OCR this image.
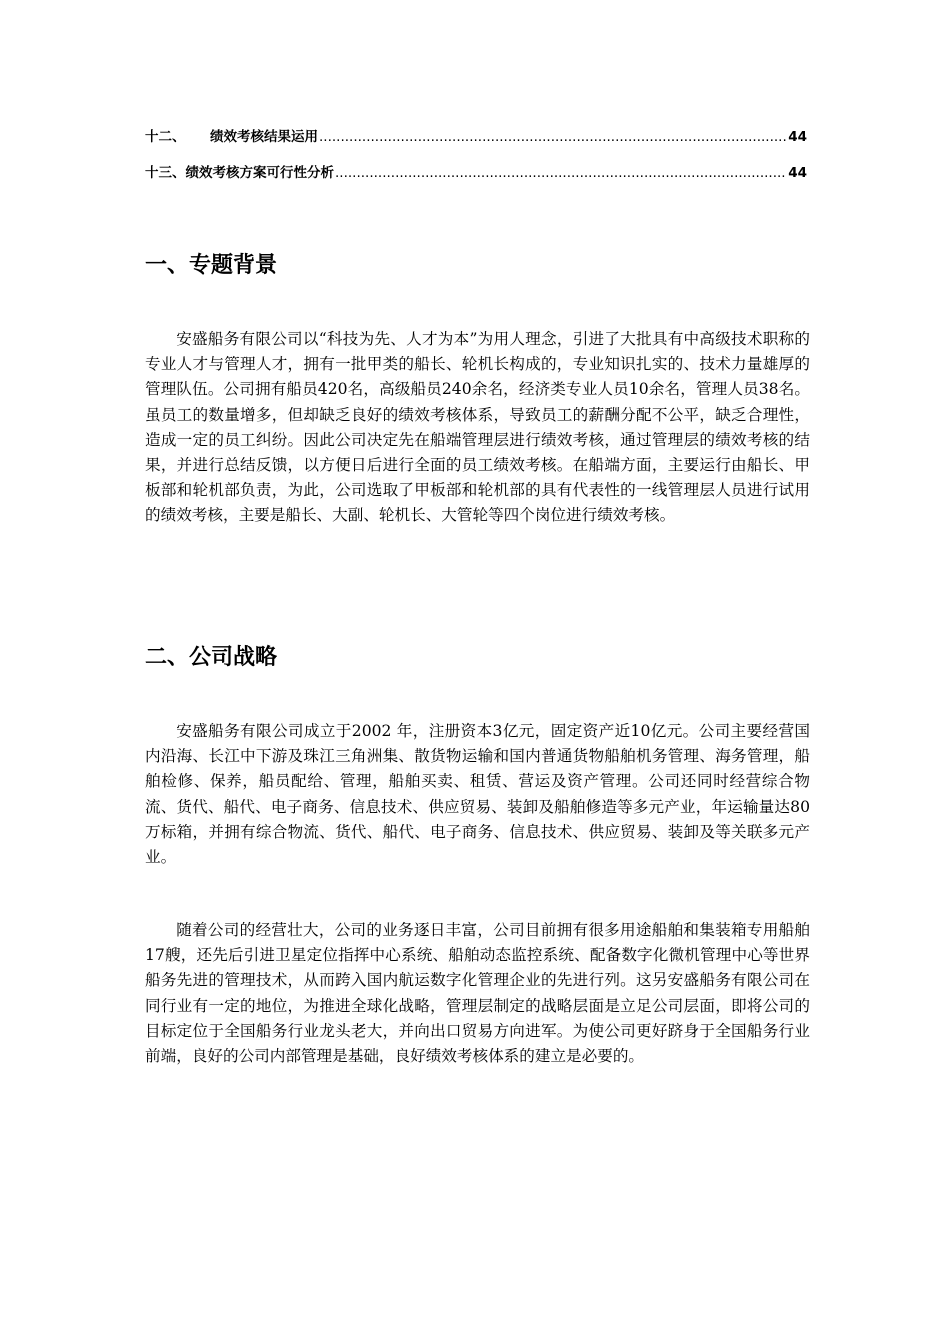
十二、	绩效考核结果运用 .....	44
十三、 绩效考核方案可行性分析 .....	44
一、专题背景

安盛船务有限公司以“科技为先、人才为本”为用人理念，引进了大批具有中高级技术职称的专业人才与管理人才，拥有一批甲类的船长、轮机长构成的，专业知识扎实的、技术力量雄厚的管理队伍。公司拥有船员420名，高级船员240余名，经济类专业人员10余名，管理人员38名。虽员工的数量增多，但却缺乏良好的绩效考核体系，导致员工的薪酬分配不公平，缺乏合理性，造成一定的员工纠纷。因此公司决定先在船端管理层进行绩效考核，通过管理层的绩效考核的结果，并进行总结反馈，以方便日后进行全面的员工绩效考核。在船端方面，主要运行由船长、甲板部和轮机部负责，为此，公司选取了甲板部和轮机部的具有代表性的一线管理层人员进行试用的绩效考核，主要是船长、大副、轮机长、大管轮等四个岗位进行绩效考核。

二、公司战略

安盛船务有限公司成立于2002 年，注册资本3亿元，固定资产近10亿元。公司主要经营国内沿海、长江中下游及珠江三角洲集、散货物运输和国内普通货物船舶机务管理、海务管理，船舶检修、保养，船员配给、管理，船舶买卖、租赁、营运及资产管理。公司还同时经营综合物流、货代、船代、电子商务、信息技术、供应贸易、装卸及船舶修造等多元产业，年运输量达80万标箱，并拥有综合物流、货代、船代、电子商务、信息技术、供应贸易、装卸及等关联多元产业。

随着公司的经营壮大，公司的业务逐日丰富，公司目前拥有很多用途船舶和集装箱专用船舶17艘，还先后引进卫星定位指挥中心系统、船舶动态监控系统、配备数字化微机管理中心等世界船务先进的管理技术，从而跨入国内航运数字化管理企业的先进行列。这另安盛船务有限公司在同行业有一定的地位，为推进全球化战略，管理层制定的战略层面是立足公司层面，即将公司的目标定位于全国船务行业龙头老大，并向出口贸易方向进军。为使公司更好跻身于全国船务行业前端，良好的公司内部管理是基础，良好绩效考核体系的建立是必要的。
